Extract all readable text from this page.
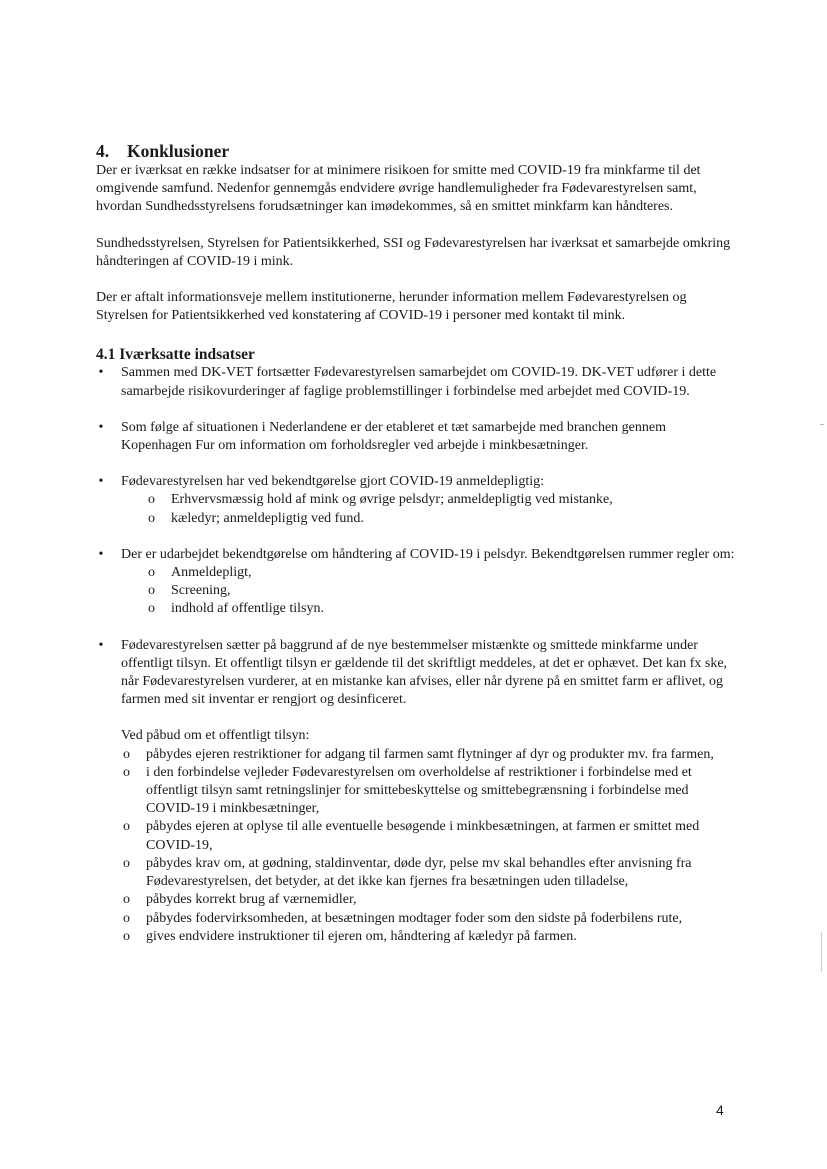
4. Konklusioner

Der er iværksat en række indsatser for at minimere risikoen for smitte med COVID-19 fra minkfarme til det omgivende samfund. Nedenfor gennemgås endvidere øvrige handlemuligheder fra Fødevarestyrelsen samt, hvordan Sundhedsstyrelsens forudsætninger kan imødekommes, så en smittet minkfarm kan håndteres.

Sundhedsstyrelsen, Styrelsen for Patientsikkerhed, SSI og Fødevarestyrelsen har iværksat et samarbejde omkring håndteringen af COVID-19 i mink.

Der er aftalt informationsveje mellem institutionerne, herunder information mellem Fødevarestyrelsen og Styrelsen for Patientsikkerhed ved konstatering af COVID-19 i personer med kontakt til mink.

4.1 Iværksatte indsatser
• Sammen med DK-VET fortsætter Fødevarestyrelsen samarbejdet om COVID-19. DK-VET udfører i dette samarbejde risikovurderinger af faglige problemstillinger i forbindelse med arbejdet med COVID-19.
• Som følge af situationen i Nederlandene er der etableret et tæt samarbejde med branchen gennem Kopenhagen Fur om information om forholdsregler ved arbejde i minkbesætninger.
• Fødevarestyrelsen har ved bekendtgørelse gjort COVID-19 anmeldepligtig:
o Erhvervsmæssig hold af mink og øvrige pelsdyr; anmeldepligtig ved mistanke,
o kæledyr; anmeldepligtig ved fund.
• Der er udarbejdet bekendtgørelse om håndtering af COVID-19 i pelsdyr. Bekendtgørelsen rummer regler om:
o Anmeldepligt,
o Screening,
o indhold af offentlige tilsyn.
• Fødevarestyrelsen sætter på baggrund af de nye bestemmelser mistænkte og smittede minkfarme under offentligt tilsyn. Et offentligt tilsyn er gældende til det skriftligt meddeles, at det er ophævet. Det kan fx ske, når Fødevarestyrelsen vurderer, at en mistanke kan afvises, eller når dyrene på en smittet farm er aflivet, og farmen med sit inventar er rengjort og desinficeret.

Ved påbud om et offentligt tilsyn:

o påbydes ejeren restriktioner for adgang til farmen samt flytninger af dyr og produkter mv. fra farmen,
o i den forbindelse vejleder Fødevarestyrelsen om overholdelse af restriktioner i forbindelse med et offentligt tilsyn samt retningslinjer for smittebeskyttelse og smittebegrænsning i forbindelse med COVID-19 i minkbesætninger,
o påbydes ejeren at oplyse til alle eventuelle besøgende i minkbesætningen, at farmen er smittet med COVID-19,
o påbydes krav om, at gødning, staldinventar, døde dyr, pelse mv skal behandles efter anvisning fra Fødevarestyrelsen, det betyder, at det ikke kan fjernes fra besætningen uden tilladelse,
o påbydes korrekt brug af værnemidler,
o påbydes fodervirksomheden, at besætningen modtager foder som den sidste på foderbilens rute,
o gives endvidere instruktioner til ejeren om, håndtering af kæledyr på farmen.
4
